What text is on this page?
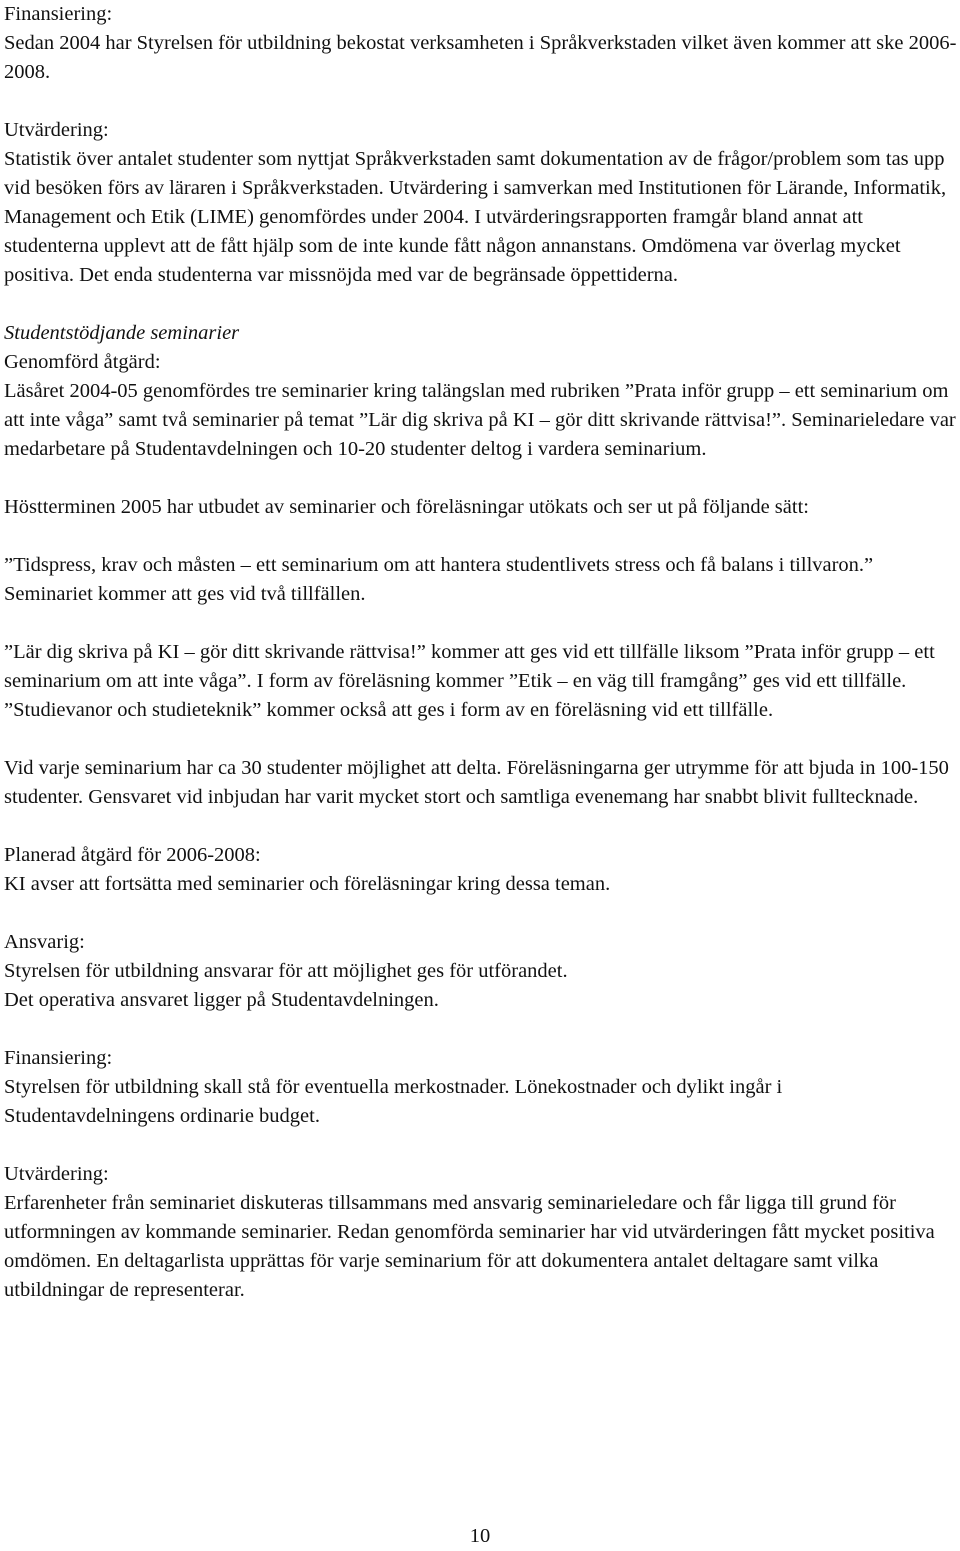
Finansiering:

Sedan 2004 har Styrelsen för utbildning bekostat verksamheten i Språkverkstaden vilket även kommer att ske 2006-2008.

Utvärdering:

Statistik över antalet studenter som nyttjat Språkverkstaden samt dokumentation av de frågor/problem som tas upp vid besöken förs av läraren i Språkverkstaden. Utvärdering i samverkan med Institutionen för Lärande, Informatik, Management och Etik (LIME) genomfördes under 2004. I utvärderingsrapporten framgår bland annat att studenterna upplevt att de fått hjälp som de inte kunde fått någon annanstans. Omdömena var överlag mycket positiva. Det enda studenterna var missnöjda med var de begränsade öppettiderna.

Studentstödjande seminarier

Genomförd åtgärd:

Läsåret 2004-05 genomfördes tre seminarier kring talängslan med rubriken ”Prata inför grupp – ett seminarium om att inte våga” samt två seminarier på temat ”Lär dig skriva på KI – gör ditt skrivande rättvisa!”. Seminarieledare var medarbetare på Studentavdelningen och 10-20 studenter deltog i vardera seminarium.

Höstterminen 2005 har utbudet av seminarier och föreläsningar utökats och ser ut på följande sätt:

”Tidspress, krav och måsten – ett seminarium om att hantera studentlivets stress och få balans i tillvaron.” Seminariet kommer att ges vid två tillfällen.

”Lär dig skriva på KI – gör ditt skrivande rättvisa!” kommer att ges vid ett tillfälle liksom ”Prata inför grupp – ett seminarium om att inte våga”. I form av föreläsning kommer ”Etik – en väg till framgång” ges vid ett tillfälle. ”Studievanor och studieteknik” kommer också att ges i form av en föreläsning vid ett tillfälle.

Vid varje seminarium har ca 30 studenter möjlighet att delta. Föreläsningarna ger utrymme för att bjuda in 100-150 studenter. Gensvaret vid inbjudan har varit mycket stort och samtliga evenemang har snabbt blivit fulltecknade.

Planerad åtgärd för 2006-2008:

KI avser att fortsätta med seminarier och föreläsningar kring dessa teman.

Ansvarig:

Styrelsen för utbildning ansvarar för att möjlighet ges för utförandet.

Det operativa ansvaret ligger på Studentavdelningen.

Finansiering:

Styrelsen för utbildning skall stå för eventuella merkostnader. Lönekostnader och dylikt ingår i Studentavdelningens ordinarie budget.

Utvärdering:

Erfarenheter från seminariet diskuteras tillsammans med ansvarig seminarieledare och får ligga till grund för utformningen av kommande seminarier. Redan genomförda seminarier har vid utvärderingen fått mycket positiva omdömen. En deltagarlista upprättas för varje seminarium för att dokumentera antalet deltagare samt vilka utbildningar de representerar.

10
